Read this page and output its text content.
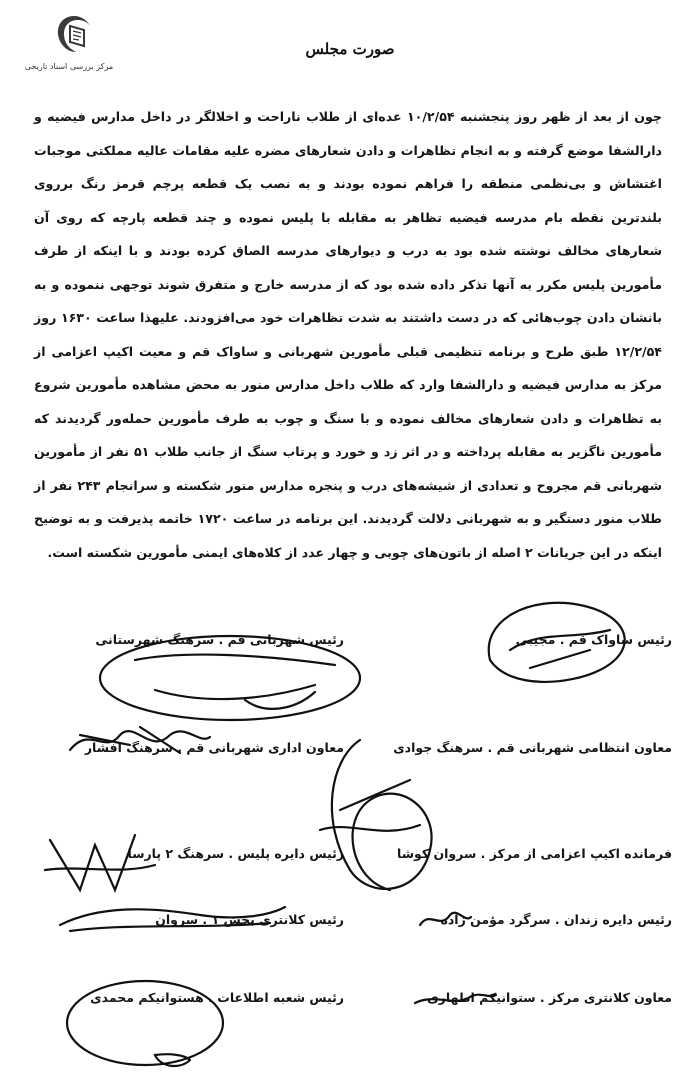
مرکز بررسی اسناد تاریخی
صورت مجلس
چون از بعد از ظهر روز پنجشنبه ۱۰/۲/۵۴ عده‌ای از طلاب ناراحت و اخلالگر در داخل مدارس فیضیه و دارالشفا موضع گرفته و به انجام تظاهرات و دادن شعارهای مضره علیه مقامات عالیه مملکتی موجبات اغتشاش و بی‌نظمی منطقه را فراهم نموده بودند و به نصب یک قطعه پرچم قرمز رنگ برروی بلندترین نقطه بام مدرسه فیضیه تظاهر به مقابله با پلیس نموده و چند قطعه پارچه که روی آن شعارهای مخالف نوشته شده بود به درب و دیوارهای مدرسه الصاق کرده بودند و با اینکه از طرف مأمورین پلیس مکرر به آنها تذکر داده شده بود که از مدرسه خارج و متفرق شوند توجهی ننموده و به بانشان دادن چوب‌هائی که در دست داشتند به شدت تظاهرات خود می‌افزودند. علیهذا ساعت ۱۶۳۰ روز ۱۲/۲/۵۴ طبق طرح و برنامه تنظیمی قبلی مأمورین شهربانی و ساواک قم و معیت اکیپ اعزامی از مرکز به مدارس فیضیه و دارالشفا وارد که طلاب داخل مدارس منور به محض مشاهده مأمورین شروع به تظاهرات و دادن شعارهای مخالف نموده و با سنگ و چوب به طرف مأمورین حمله‌ور گردیدند که مأمورین ناگزیر به مقابله پرداخته و در اثر زد و خورد و پرتاب سنگ از جانب طلاب ۵۱ نفر از مأمورین شهربانی قم مجروح و تعدادی از شیشه‌های درب و پنجره مدارس منور شکسته و سرانجام ۲۴۳ نفر از طلاب منور دستگیر و به شهربانی دلالت گردیدند. این برنامه در ساعت ۱۷۲۰ خاتمه پذیرفت و به توضیح اینکه در این جریانات ۲ اصله از باتون‌های چوبی و چهار عدد از کلاه‌های ایمنی مأمورین شکسته است.
رئیس ساواک قم . مجیبی
رئیس شهربانی قم . سرهنگ شهرستانی
معاون انتظامی شهربانی قم . سرهنگ جوادی
معاون اداری شهربانی قم . سرهنگ افشار
فرمانده اکیپ اعزامی از مرکز . سروان کوشا
رئیس دایره پلیس . سرهنگ ۲ پارسا
رئیس دایره زندان . سرگرد مؤمن زاده
رئیس کلانتری بخش ۱ . سروان
معاون کلانتری مرکز . ستوانیکم اطهاری
رئیس شعبه اطلاعات . هستوانیکم محمدی
